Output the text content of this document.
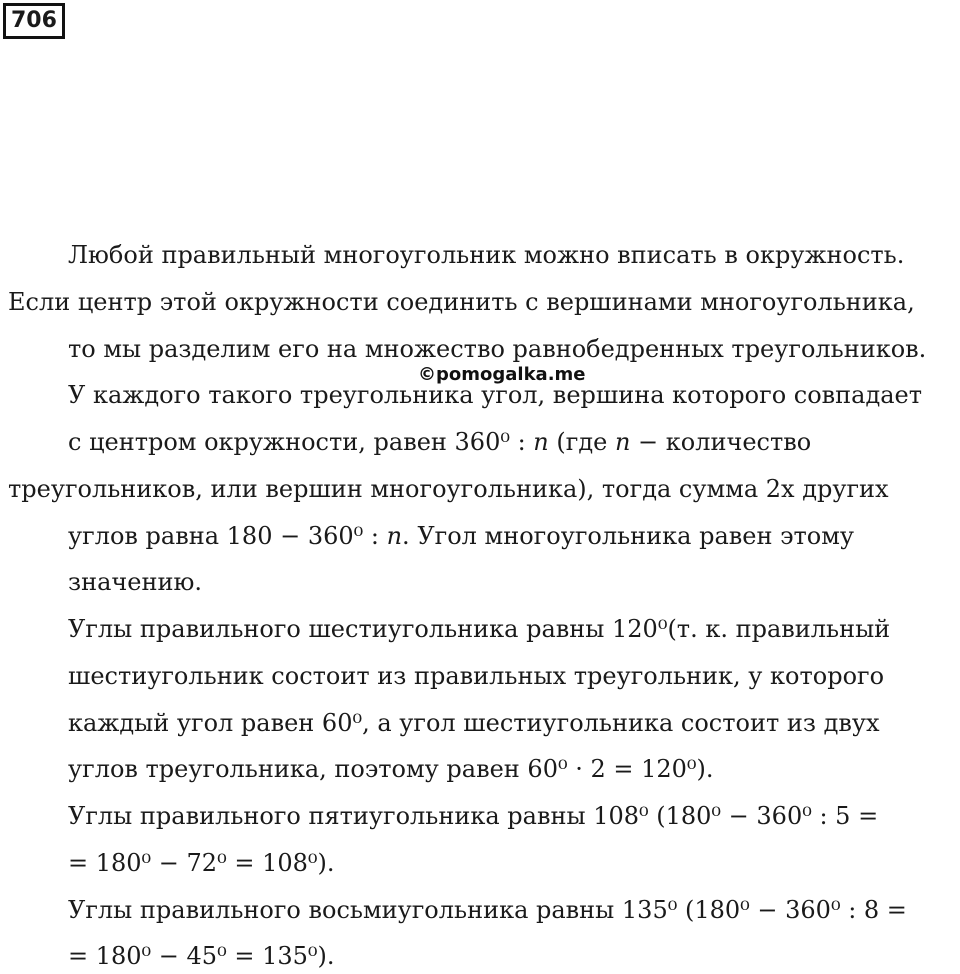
706
Любой правильный многоугольник можно вписать в окружность.
Если центр этой окружности соединить с вершинами многоугольника,
то мы разделим его на множество равнобедренных треугольников.
©pomogalka.me
У каждого такого треугольника угол, вершина которого совпадает
с центром окружности, равен 360⁰ : 𝑛 (где 𝑛 − количество
треугольников, или вершин многоугольника), тогда сумма 2х других
углов равна 180 − 360⁰ : 𝑛. Угол многоугольника равен этому
значению.
Углы правильного шестиугольника равны 120⁰(т. к. правильный
шестиугольник состоит из правильных треугольник, у которого
каждый угол равен 60⁰, а угол шестиугольника состоит из двух
углов треугольника, поэтому равен 60⁰ · 2 = 120⁰).
Углы правильного пятиугольника равны 108⁰ (180⁰ − 360⁰ : 5 =
= 180⁰ − 72⁰ = 108⁰).
Углы правильного восьмиугольника равны 135⁰ (180⁰ − 360⁰ : 8 =
= 180⁰ − 45⁰ = 135⁰).
